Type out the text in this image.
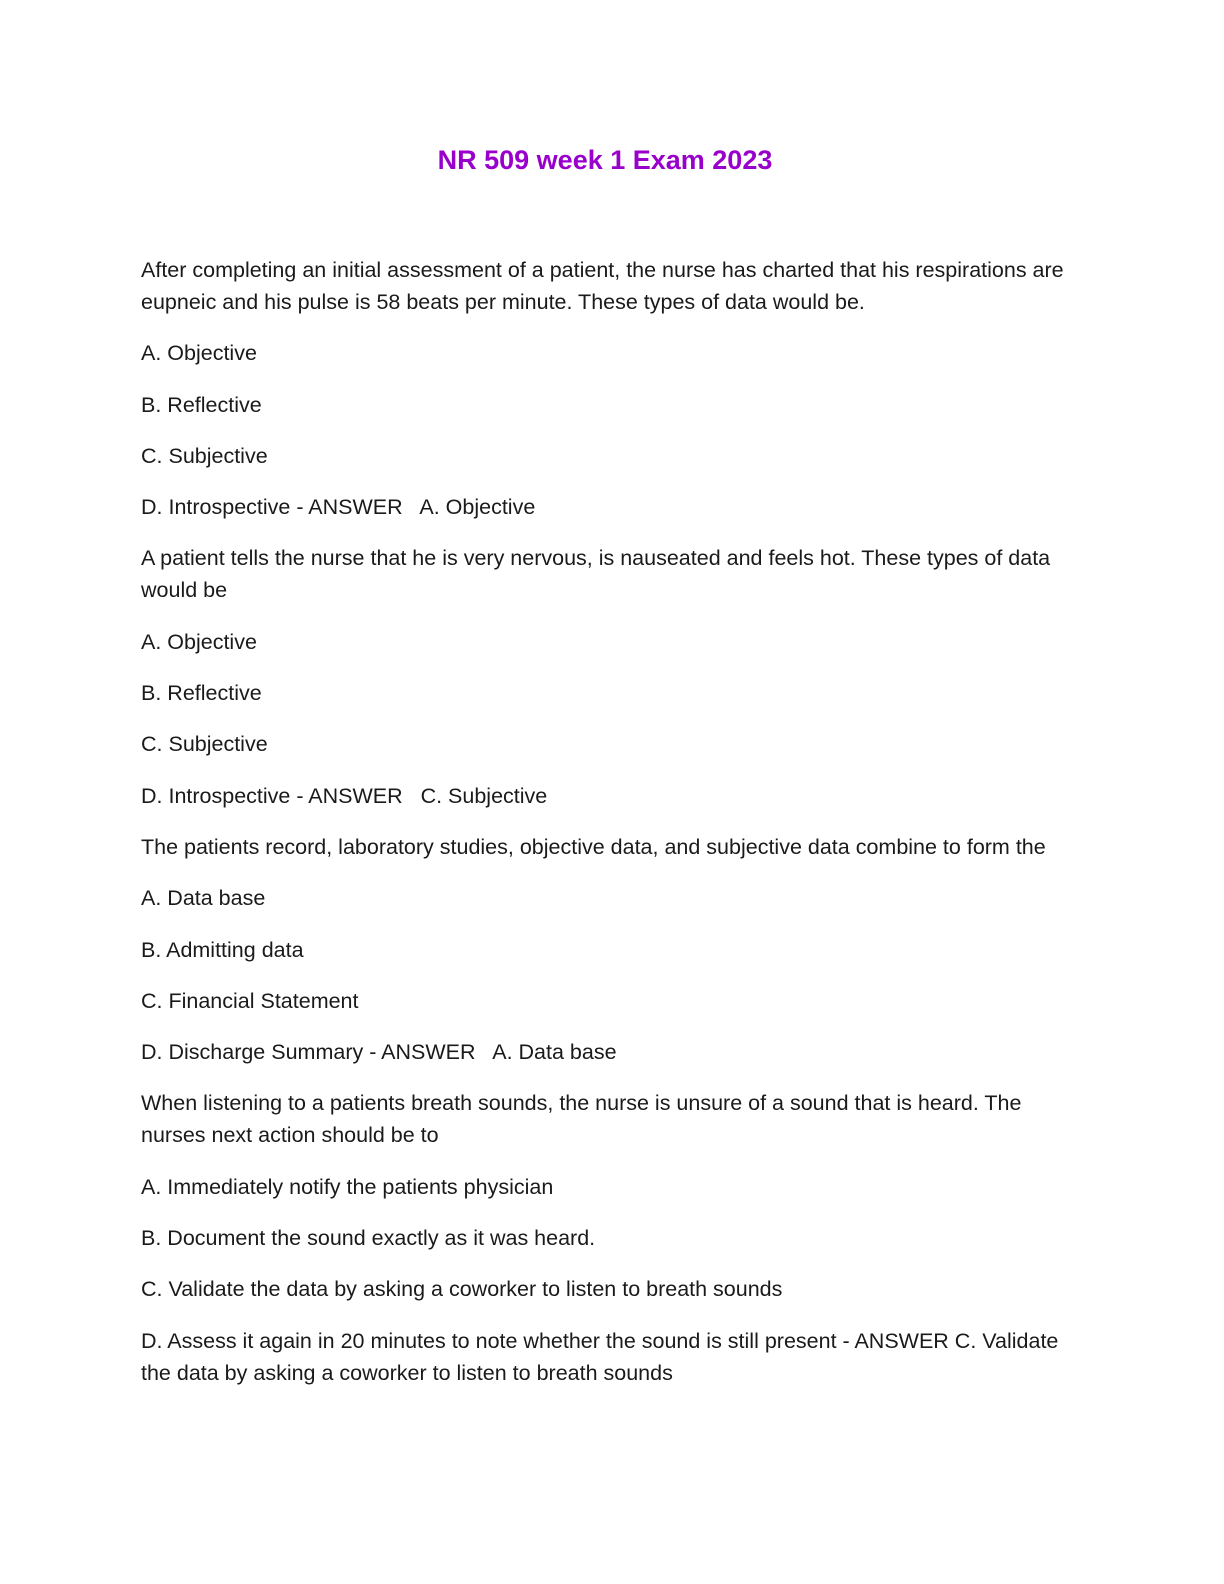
NR 509 week 1 Exam 2023

After completing an initial assessment of a patient, the nurse has charted that his respirations are eupneic and his pulse is 58 beats per minute. These types of data would be.

A. Objective

B. Reflective

C. Subjective

D. Introspective - ANSWER   A. Objective

A patient tells the nurse that he is very nervous, is nauseated and feels hot. These types of data would be

A. Objective

B. Reflective

C. Subjective

D. Introspective - ANSWER   C. Subjective

The patients record, laboratory studies, objective data, and subjective data combine to form the

A. Data base

B. Admitting data

C. Financial Statement

D. Discharge Summary - ANSWER   A. Data base

When listening to a patients breath sounds, the nurse is unsure of a sound that is heard. The nurses next action should be to

A. Immediately notify the patients physician

B. Document the sound exactly as it was heard.

C. Validate the data by asking a coworker to listen to breath sounds

D. Assess it again in 20 minutes to note whether the sound is still present - ANSWER C. Validate the data by asking a coworker to listen to breath sounds
